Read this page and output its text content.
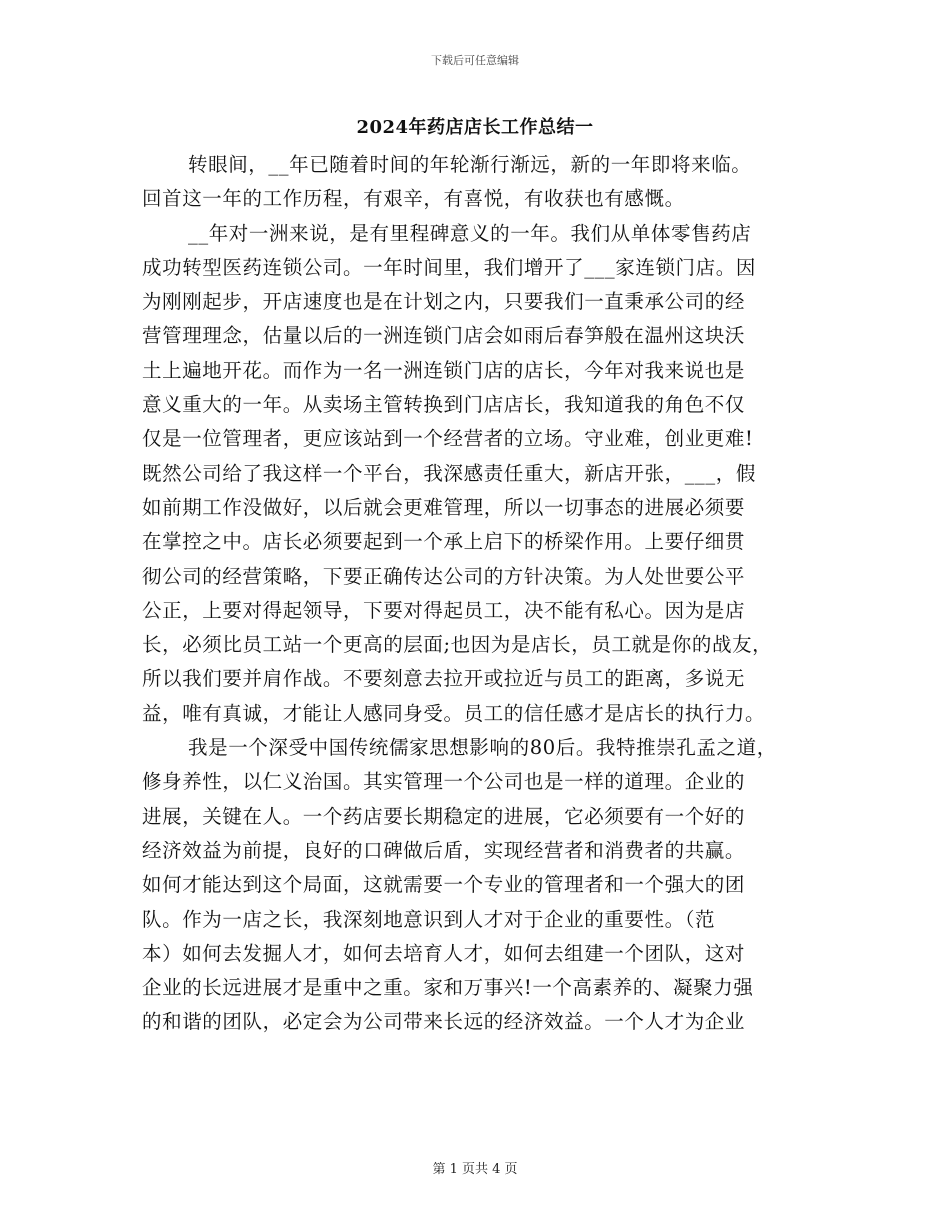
下载后可任意编辑
2024年药店店长工作总结一
转眼间，__年已随着时间的年轮渐行渐远，新的一年即将来临。
回首这一年的工作历程，有艰辛，有喜悦，有收获也有感慨。
__年对一洲来说，是有里程碑意义的一年。我们从单体零售药店
成功转型医药连锁公司。一年时间里，我们增开了___家连锁门店。因
为刚刚起步，开店速度也是在计划之内，只要我们一直秉承公司的经
营管理理念，估量以后的一洲连锁门店会如雨后春笋般在温州这块沃
土上遍地开花。而作为一名一洲连锁门店的店长，今年对我来说也是
意义重大的一年。从卖场主管转换到门店店长，我知道我的角色不仅
仅是一位管理者，更应该站到一个经营者的立场。守业难，创业更难!
既然公司给了我这样一个平台，我深感责任重大，新店开张，___，假
如前期工作没做好，以后就会更难管理，所以一切事态的进展必须要
在掌控之中。店长必须要起到一个承上启下的桥梁作用。上要仔细贯
彻公司的经营策略，下要正确传达公司的方针决策。为人处世要公平
公正，上要对得起领导，下要对得起员工，决不能有私心。因为是店
长，必须比员工站一个更高的层面;也因为是店长，员工就是你的战友，
所以我们要并肩作战。不要刻意去拉开或拉近与员工的距离，多说无
益，唯有真诚，才能让人感同身受。员工的信任感才是店长的执行力。
我是一个深受中国传统儒家思想影响的80后。我特推崇孔孟之道，
修身养性，以仁义治国。其实管理一个公司也是一样的道理。企业的
进展，关键在人。一个药店要长期稳定的进展，它必须要有一个好的
经济效益为前提，良好的口碑做后盾，实现经营者和消费者的共赢。
如何才能达到这个局面，这就需要一个专业的管理者和一个强大的团
队。作为一店之长，我深刻地意识到人才对于企业的重要性。（范
本）如何去发掘人才，如何去培育人才，如何去组建一个团队，这对
企业的长远进展才是重中之重。家和万事兴!一个高素养的、凝聚力强
的和谐的团队，必定会为公司带来长远的经济效益。一个人才为企业
第 1 页共 4 页
